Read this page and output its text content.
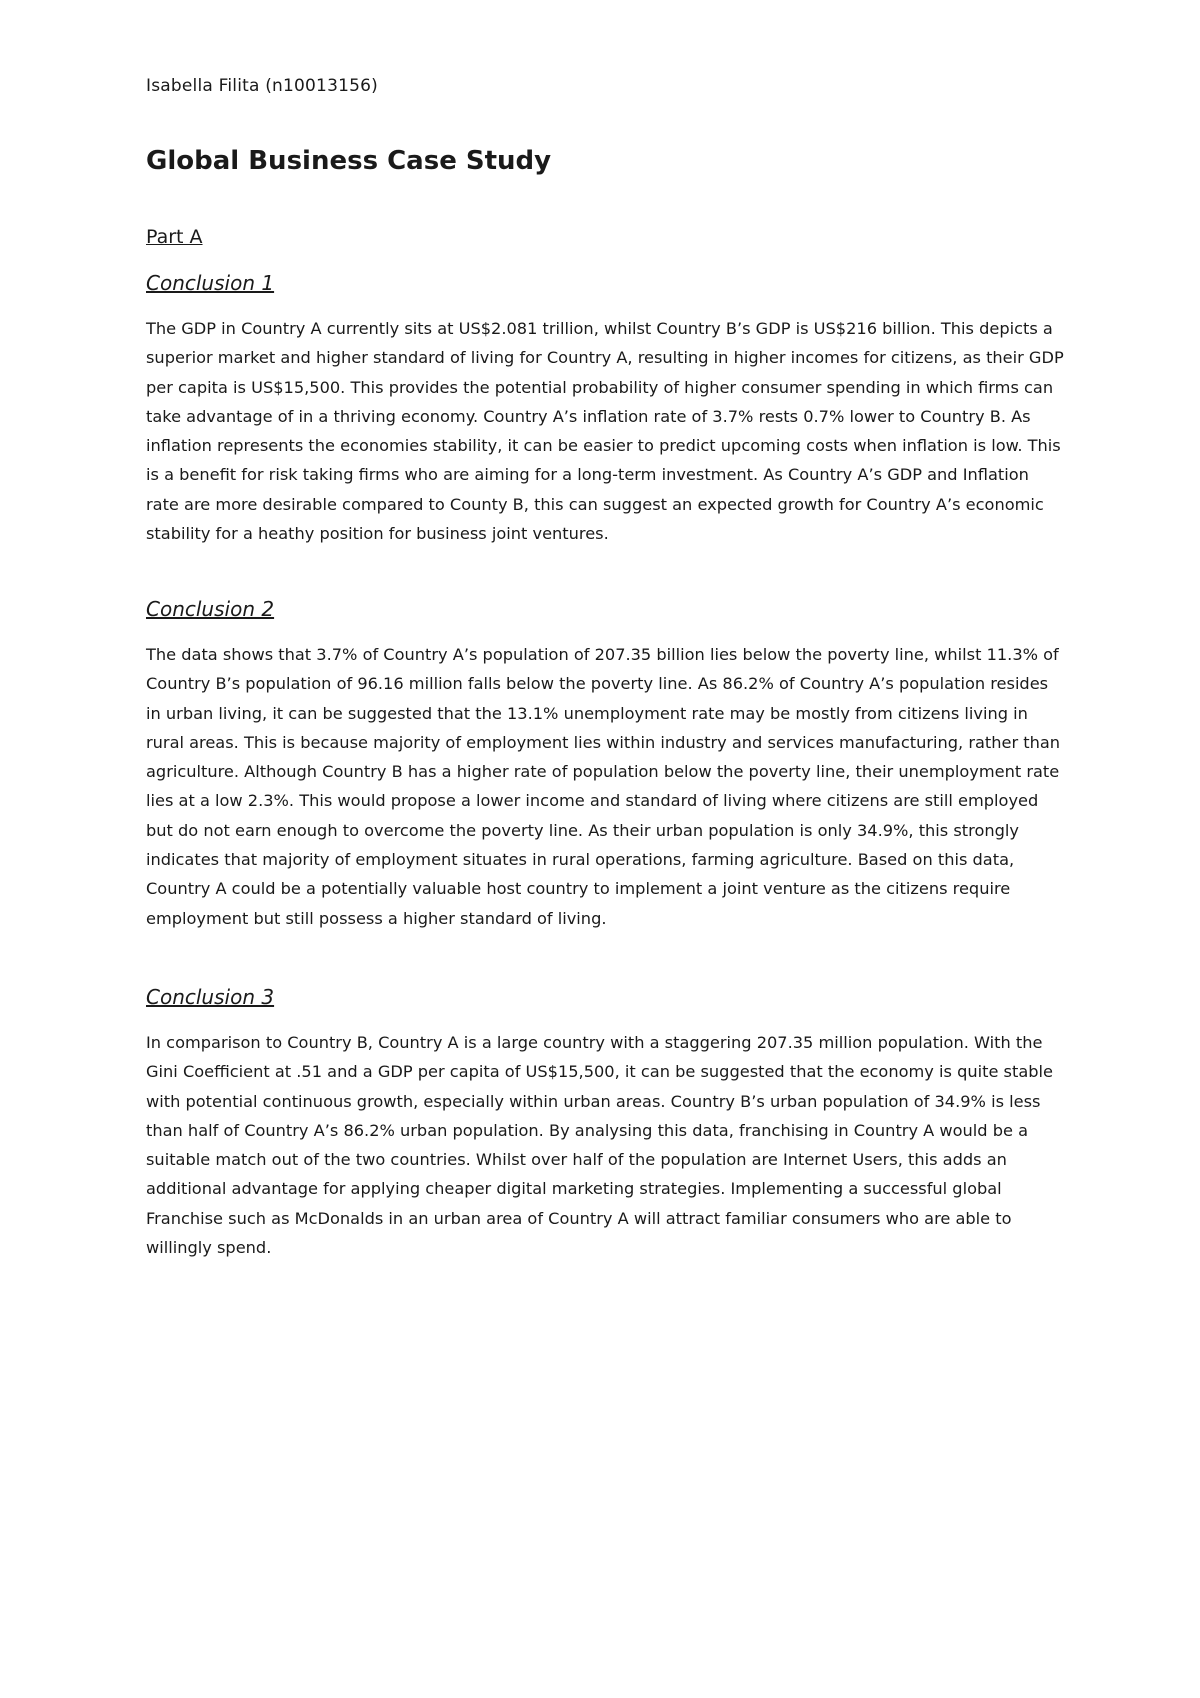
Isabella Filita (n10013156)

Global Business Case Study
Part A
Conclusion 1

The GDP in Country A currently sits at US$2.081 trillion, whilst Country B’s GDP is US$216 billion. This depicts a superior market and higher standard of living for Country A, resulting in higher incomes for citizens, as their GDP per capita is US$15,500. This provides the potential probability of higher consumer spending in which firms can take advantage of in a thriving economy. Country A’s inflation rate of 3.7% rests 0.7% lower to Country B. As inflation represents the economies stability, it can be easier to predict upcoming costs when inflation is low. This is a benefit for risk taking firms who are aiming for a long-term investment. As Country A’s GDP and Inflation rate are more desirable compared to County B, this can suggest an expected growth for Country A’s economic stability for a heathy position for business joint ventures.

Conclusion 2

The data shows that 3.7% of Country A’s population of 207.35 billion lies below the poverty line, whilst 11.3% of Country B’s population of 96.16 million falls below the poverty line. As 86.2% of Country A’s population resides in urban living, it can be suggested that the 13.1% unemployment rate may be mostly from citizens living in rural areas. This is because majority of employment lies within industry and services manufacturing, rather than agriculture. Although Country B has a higher rate of population below the poverty line, their unemployment rate lies at a low 2.3%. This would propose a lower income and standard of living where citizens are still employed but do not earn enough to overcome the poverty line. As their urban population is only 34.9%, this strongly indicates that majority of employment situates in rural operations, farming agriculture. Based on this data, Country A could be a potentially valuable host country to implement a joint venture as the citizens require employment but still possess a higher standard of living.

Conclusion 3

In comparison to Country B, Country A is a large country with a staggering 207.35 million population. With the Gini Coefficient at .51 and a GDP per capita of US$15,500, it can be suggested that the economy is quite stable with potential continuous growth, especially within urban areas. Country B’s urban population of 34.9% is less than half of Country A’s 86.2% urban population. By analysing this data, franchising in Country A would be a suitable match out of the two countries. Whilst over half of the population are Internet Users, this adds an additional advantage for applying cheaper digital marketing strategies. Implementing a successful global Franchise such as McDonalds in an urban area of Country A will attract familiar consumers who are able to willingly spend.
